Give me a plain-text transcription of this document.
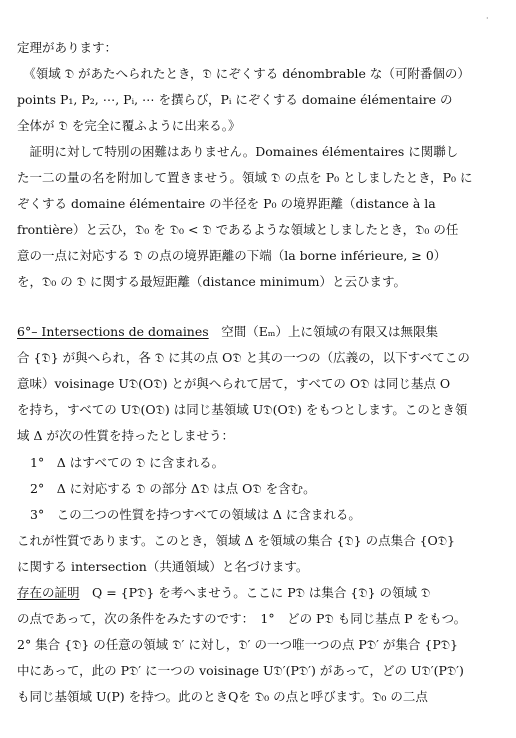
·
定理があります：
　《領域 𝔇 があたへられたとき，𝔇 にぞくする dénombrable な（可附番個の）
points P₁, P₂, ⋯, Pᵢ, ⋯ を撰らび，Pᵢ にぞくする domaine élémentaire の
全体が 𝔇 を完全に覆ふように出来る。》
　証明に対して特別の困難はありません。Domaines élémentaires に関聯し
た一二の量の名を附加して置きませう。領域 𝔇 の点を P₀ としましたとき，P₀ に
ぞくする domaine élémentaire の半径を P₀ の境界距離（distance à la
frontière）と云ひ，𝔇₀ を 𝔇₀ < 𝔇 であるような領域としましたとき，𝔇₀ の任
意の一点に対応する 𝔇 の点の境界距離の下端（la borne inférieure, ≥ 0）
を，𝔇₀ の 𝔇 に関する最短距離（distance minimum）と云ひます。
6°– Intersections de domaines　空間（Eₘ）上に領域の有限又は無限集
合 {𝔇} が與へられ，各 𝔇 に其の点 O𝔇 と其の一つの（広義の，以下すべてこの
意味）voisinage U𝔇(O𝔇) とが與へられて居て，すべての O𝔇 は同じ基点 O
を持ち，すべての U𝔇(O𝔇) は同じ基領域 U𝔇(O𝔇) をもつとします。このとき領
域 Δ が次の性質を持ったとしませう：
1°　Δ はすべての 𝔇 に含まれる。
2°　Δ に対応する 𝔇 の部分 Δ𝔇 は点 O𝔇 を含む。
3°　この二つの性質を持つすべての領域は Δ に含まれる。
これが性質であります。このとき，領域 Δ を領域の集合 {𝔇} の点集合 {O𝔇}
に関する intersection（共通領域）と名づけます。
存在の証明　Q = {P𝔇} を考へませう。ここに P𝔇 は集合 {𝔇} の領域 𝔇
の点であって，次の条件をみたすのです：　1°　どの P𝔇 も同じ基点 P をもつ。
2° 集合 {𝔇} の任意の領域 𝔇′ に対し，𝔇′ の一つ唯一つの点 P𝔇′ が集合 {P𝔇}
中にあって，此の P𝔇′ に一つの voisinage U𝔇′(P𝔇′) があって，どの U𝔇′(P𝔇′)
も同じ基領域 U(P) を持つ。此のときQを 𝔇₀ の点と呼びます。𝔇₀ の二点
